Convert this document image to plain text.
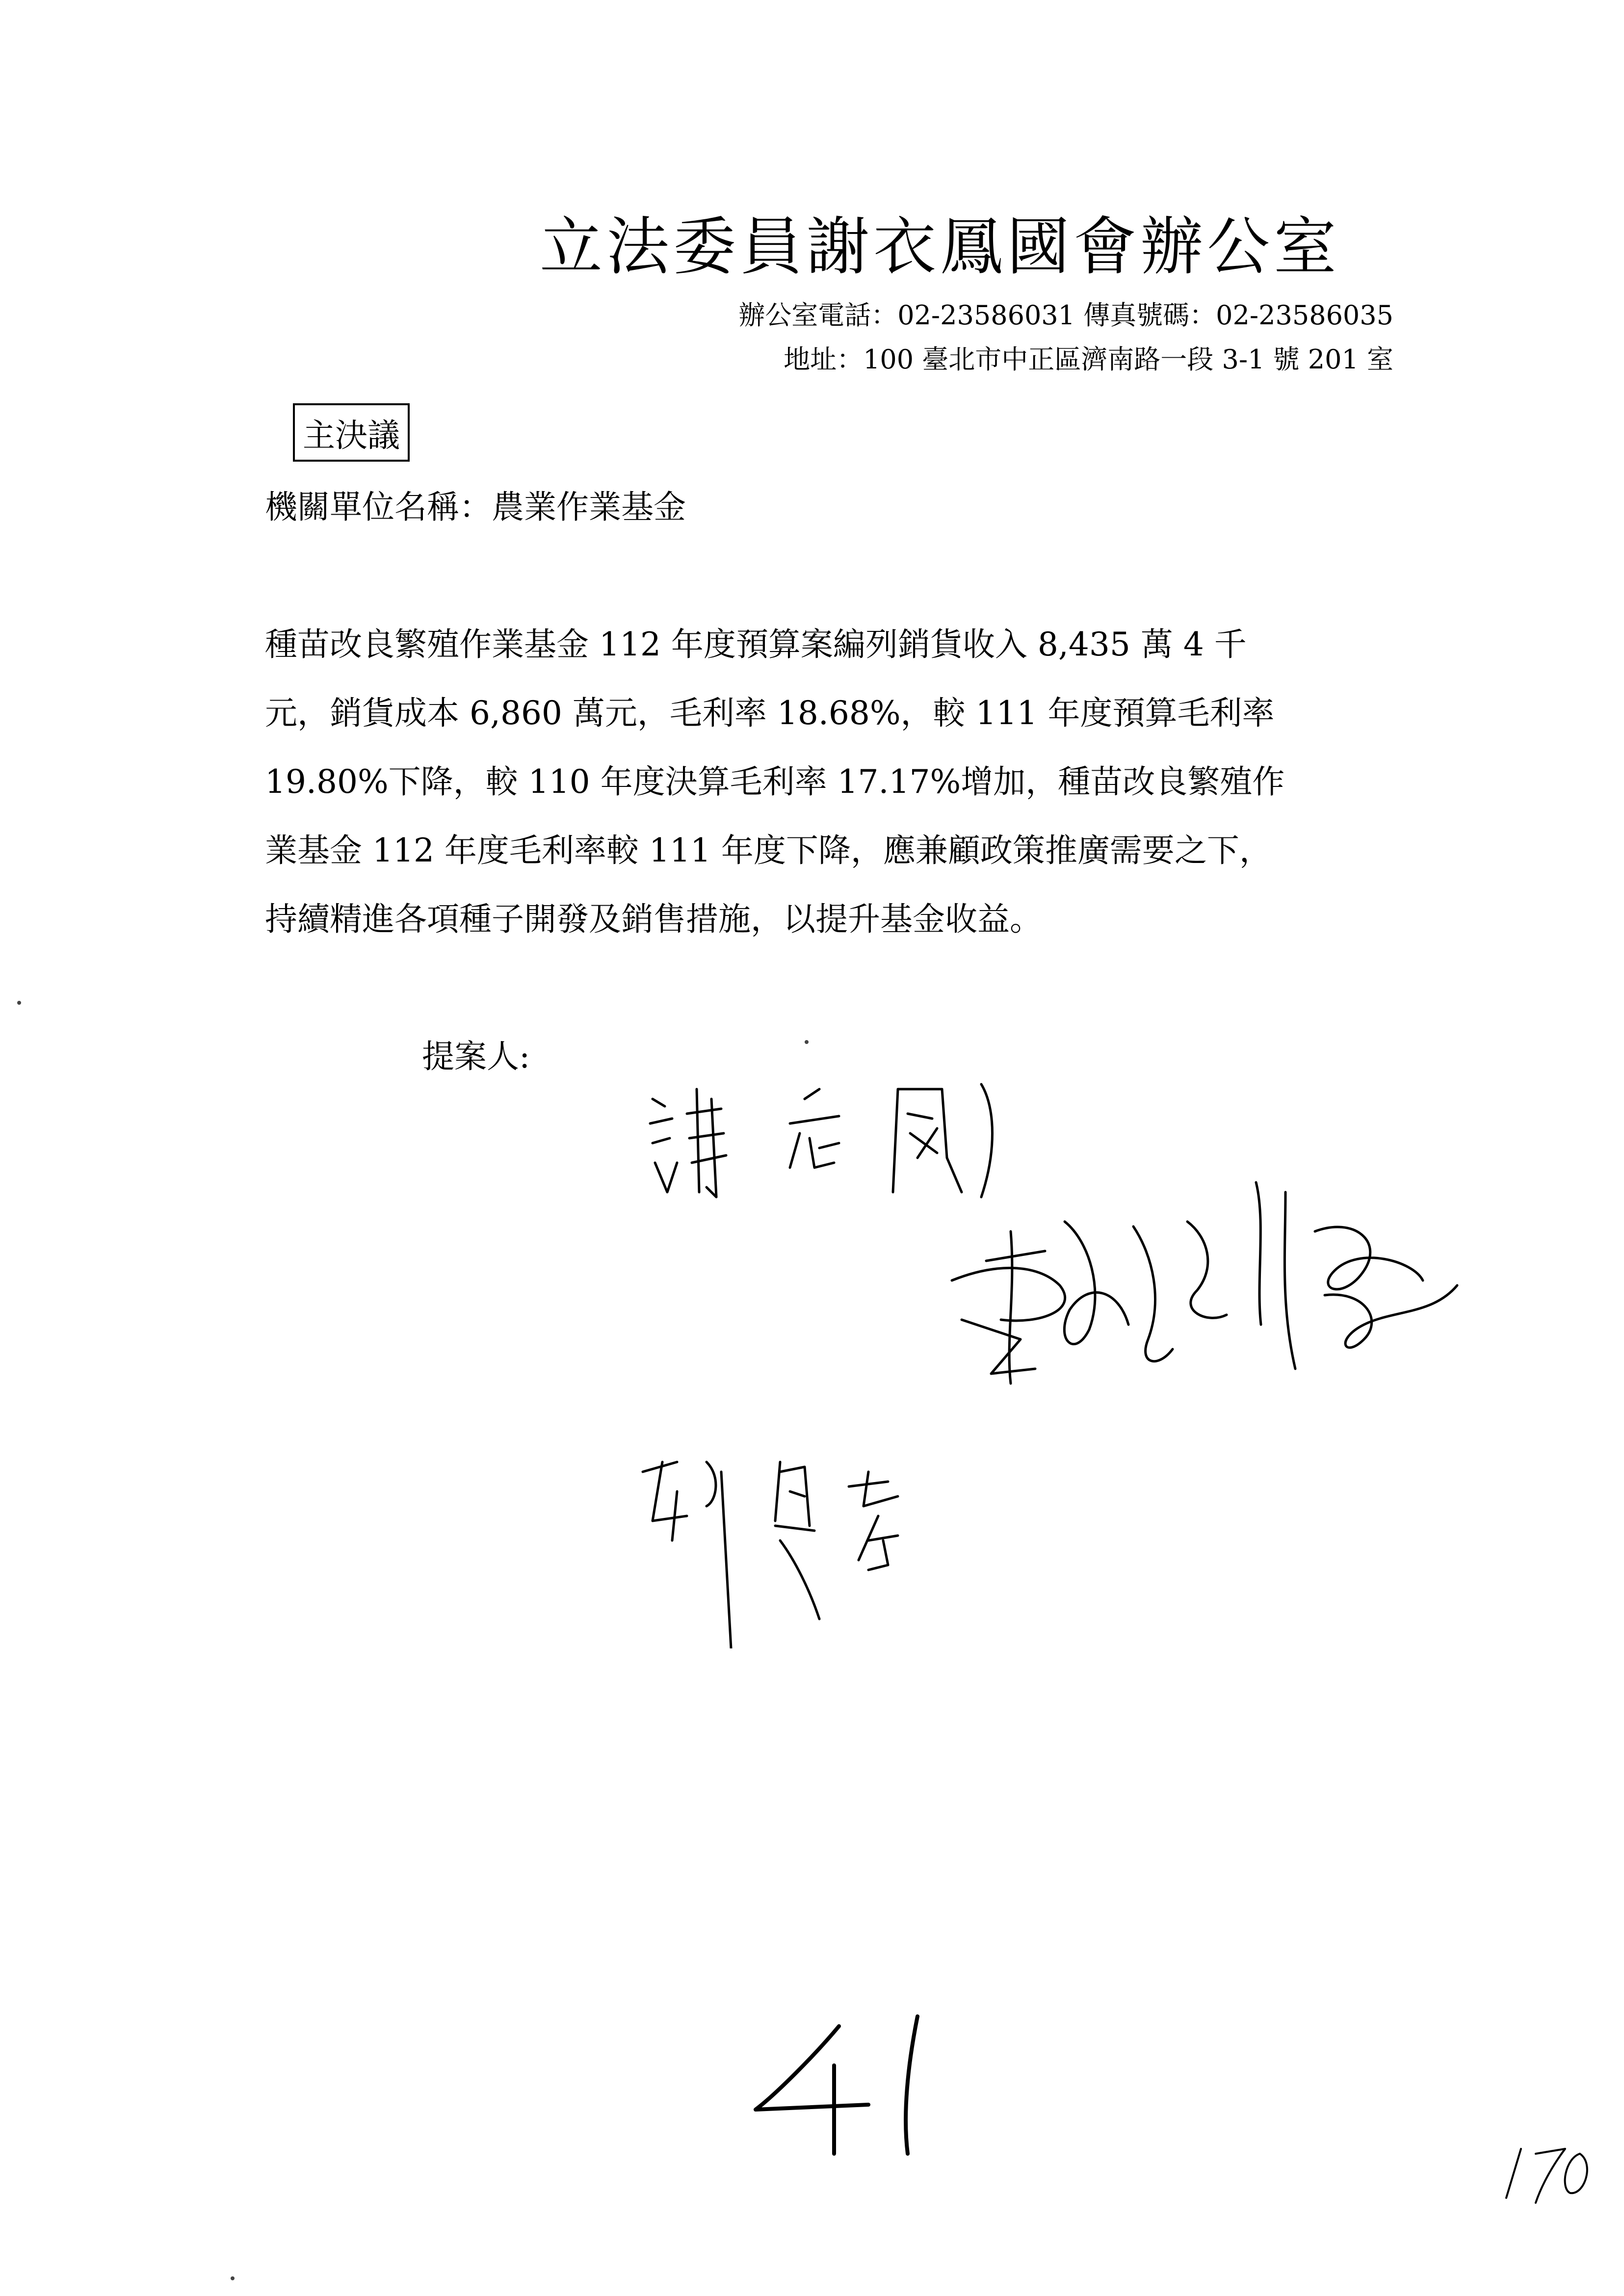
立法委員謝衣鳳國會辦公室
辦公室電話：02-23586031 傳真號碼：02-23586035
地址：100 臺北市中正區濟南路一段 3-1 號 201 室
主決議
機關單位名稱：農業作業基金
種苗改良繁殖作業基金 112 年度預算案編列銷貨收入 8,435 萬 4 千
元，銷貨成本 6,860 萬元，毛利率 18.68%，較 111 年度預算毛利率
19.80%下降，較 110 年度決算毛利率 17.17%增加，種苗改良繁殖作
業基金 112 年度毛利率較 111 年度下降，應兼顧政策推廣需要之下，
持續精進各項種子開發及銷售措施，以提升基金收益。
提案人:
